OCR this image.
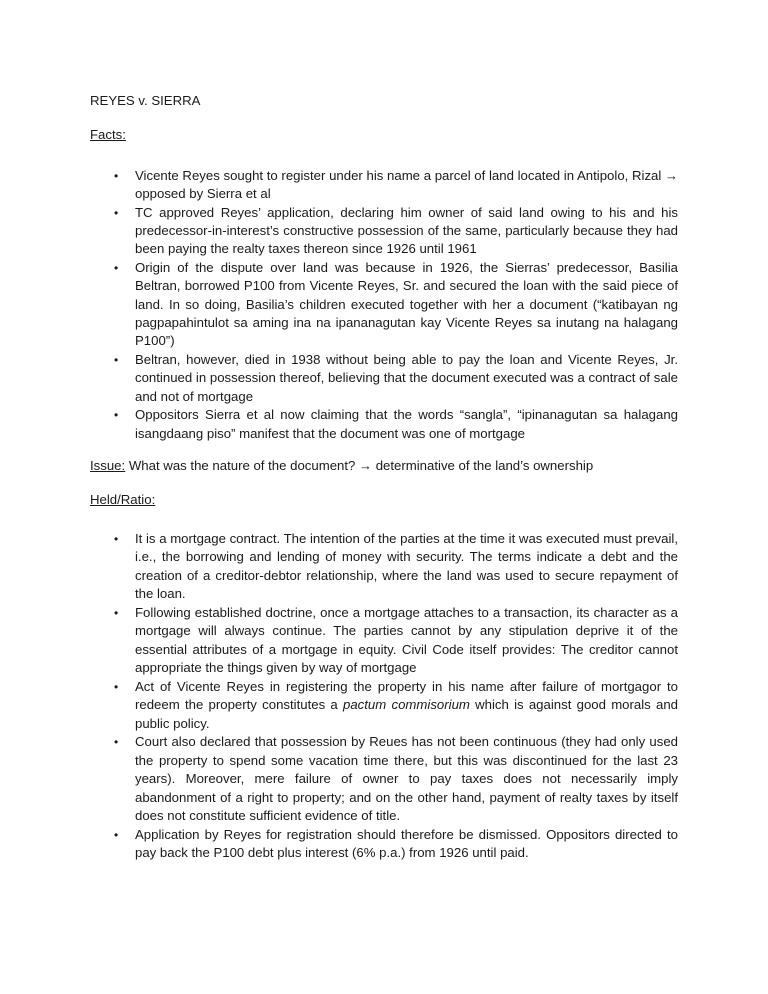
REYES v. SIERRA
Facts:
• Vicente Reyes sought to register under his name a parcel of land located in Antipolo, Rizal → opposed by Sierra et al
• TC approved Reyes’ application, declaring him owner of said land owing to his and his predecessor-in-interest’s constructive possession of the same, particularly because they had been paying the realty taxes thereon since 1926 until 1961
• Origin of the dispute over land was because in 1926, the Sierras’ predecessor, Basilia Beltran, borrowed P100 from Vicente Reyes, Sr. and secured the loan with the said piece of land. In so doing, Basilia’s children executed together with her a document (“katibayan ng pagpapahintulot sa aming ina na ipananagutan kay Vicente Reyes sa inutang na halagang P100”)
• Beltran, however, died in 1938 without being able to pay the loan and Vicente Reyes, Jr. continued in possession thereof, believing that the document executed was a contract of sale and not of mortgage
• Oppositors Sierra et al now claiming that the words “sangla”, “ipinanagutan sa halagang isangdaang piso” manifest that the document was one of mortgage
Issue: What was the nature of the document? → determinative of the land’s ownership
Held/Ratio:
• It is a mortgage contract. The intention of the parties at the time it was executed must prevail, i.e., the borrowing and lending of money with security. The terms indicate a debt and the creation of a creditor-debtor relationship, where the land was used to secure repayment of the loan.
• Following established doctrine, once a mortgage attaches to a transaction, its character as a mortgage will always continue. The parties cannot by any stipulation deprive it of the essential attributes of a mortgage in equity. Civil Code itself provides: The creditor cannot appropriate the things given by way of mortgage
• Act of Vicente Reyes in registering the property in his name after failure of mortgagor to redeem the property constitutes a pactum commisorium which is against good morals and public policy.
• Court also declared that possession by Reues has not been continuous (they had only used the property to spend some vacation time there, but this was discontinued for the last 23 years). Moreover, mere failure of owner to pay taxes does not necessarily imply abandonment of a right to property; and on the other hand, payment of realty taxes by itself does not constitute sufficient evidence of title.
• Application by Reyes for registration should therefore be dismissed. Oppositors directed to pay back the P100 debt plus interest (6% p.a.) from 1926 until paid.
